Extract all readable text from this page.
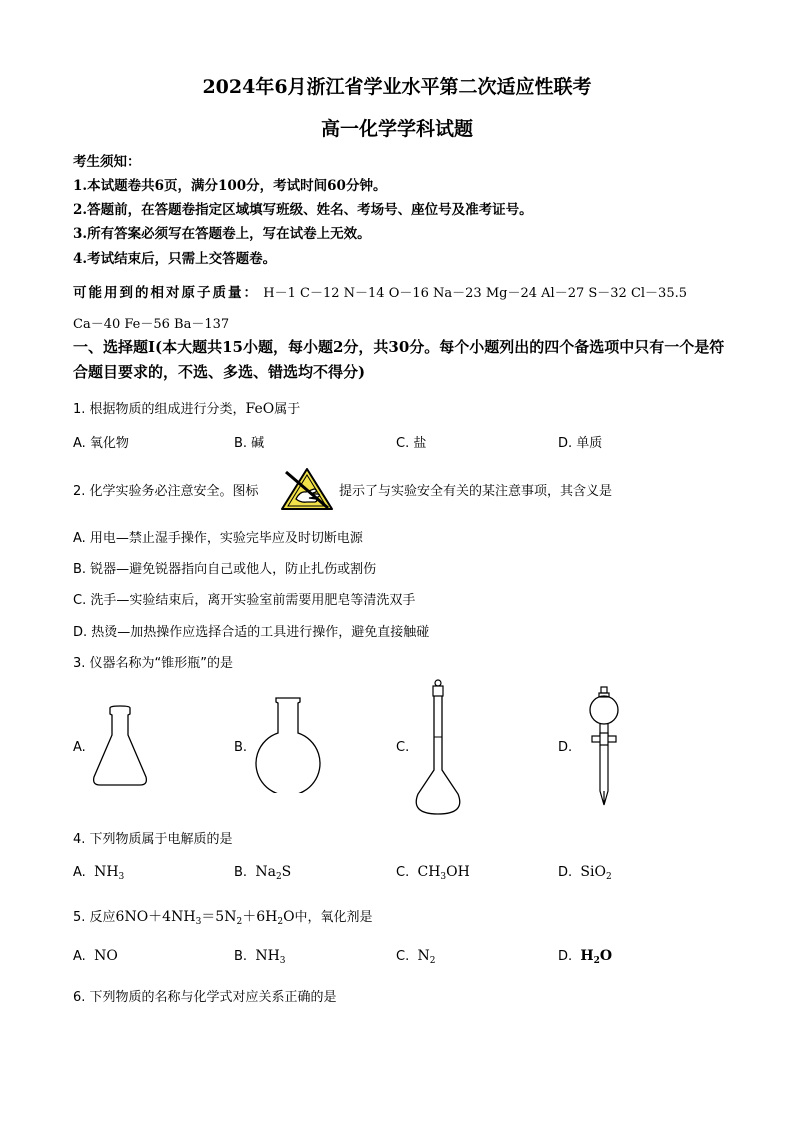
2024年6月浙江省学业水平第二次适应性联考
高一化学学科试题
考生须知：
1.本试题卷共6页，满分100分，考试时间60分钟。
2.答题前，在答题卷指定区域填写班级、姓名、考场号、座位号及准考证号。
3.所有答案必须写在答题卷上，写在试卷上无效。
4.考试结束后，只需上交答题卷。
可能用到的相对原子质量： H－1 C－12 N－14 O－16 Na－23 Mg－24 Al－27 S－32 Cl－35.5
Ca－40 Fe－56 Ba－137
一、选择题Ⅰ(本大题共15小题，每小题2分，共30分。每个小题列出的四个备选项中只有一个是符合题目要求的，不选、多选、错选均不得分)
1. 根据物质的组成进行分类，FeO属于
A. 氧化物	B. 碱	C. 盐	D. 单质
2. 化学实验务必注意安全。图标	提示了与实验安全有关的某注意事项，其含义是
A. 用电—禁止湿手操作，实验完毕应及时切断电源
B. 锐器—避免锐器指向自己或他人，防止扎伤或割伤
C. 洗手—实验结束后，离开实验室前需要用肥皂等清洗双手
D. 热烫—加热操作应选择合适的工具进行操作，避免直接触碰
3. 仪器名称为“锥形瓶”的是
A.	B.	C.	D.
4. 下列物质属于电解质的是
A. $NH_3$	B. $Na_2S$	C. $CH_3OH$	D. SiO$_2$
5. 反应$6NO+4NH_3=5N_2+6H_2O$中，氧化剂是
A. NO	B. $NH_3$	C. $N_2$	D. $H_2O$
6. 下列物质的名称与化学式对应关系正确的是
